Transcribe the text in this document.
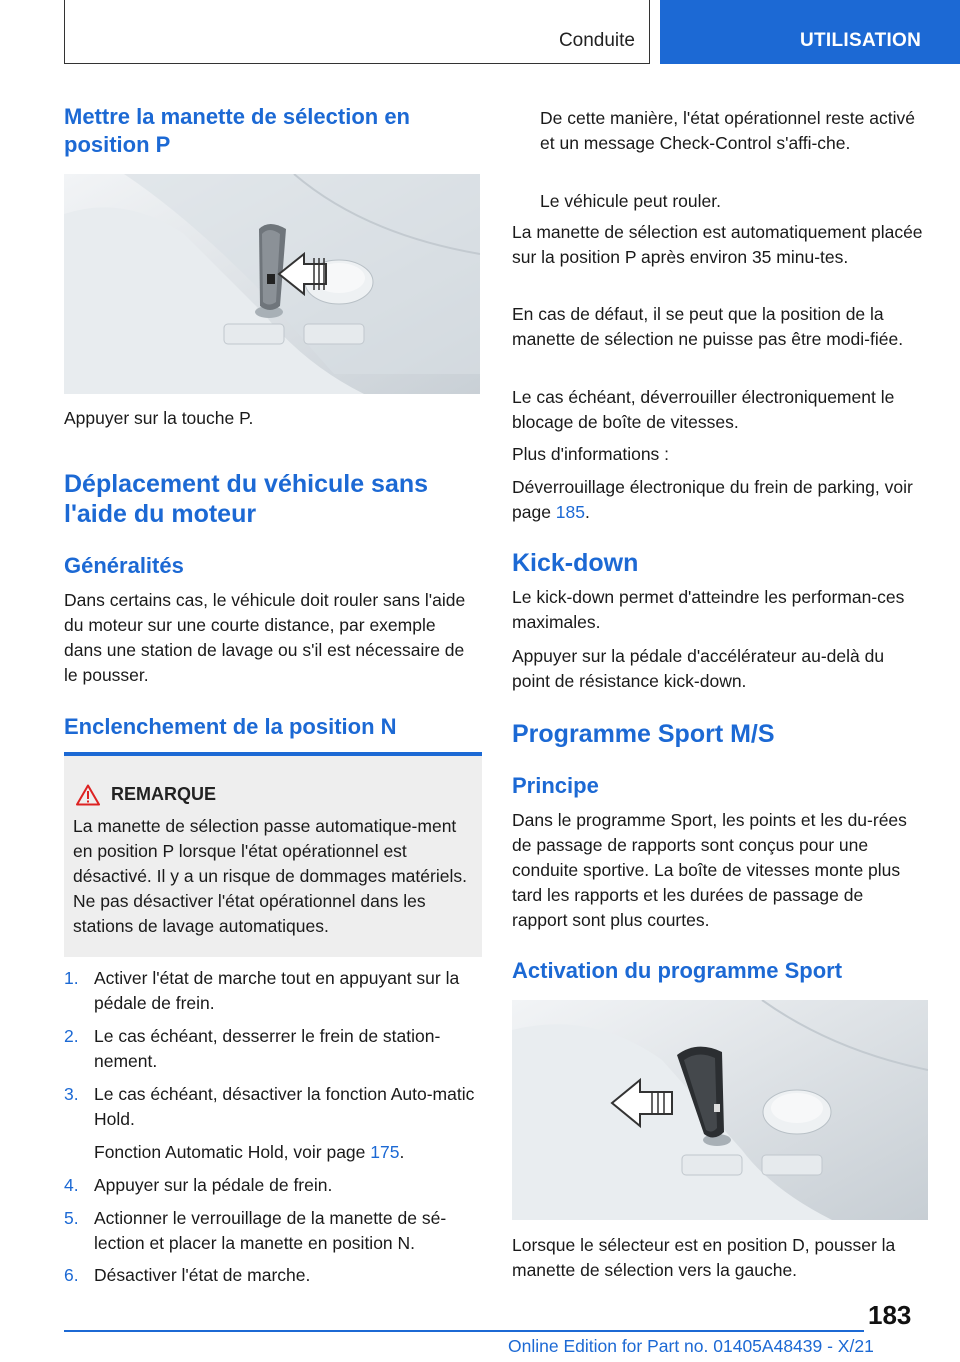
Conduite	UTILISATION
Mettre la manette de sélection en position P
Appuyer sur la touche P.
Déplacement du véhicule sans l'aide du moteur
Généralités
Dans certains cas, le véhicule doit rouler sans l'aide du moteur sur une courte distance, par exemple dans une station de lavage ou s'il est nécessaire de le pousser.
Enclenchement de la position N
REMARQUE
La manette de sélection passe automatique-ment en position P lorsque l'état opérationnel est désactivé. Il y a un risque de dommages matériels. Ne pas désactiver l'état opérationnel dans les stations de lavage automatiques.
1. Activer l'état de marche tout en appuyant sur la pédale de frein.
2. Le cas échéant, desserrer le frein de station-nement.
3. Le cas échéant, désactiver la fonction Auto-matic Hold.
Fonction Automatic Hold, voir page 175.
4. Appuyer sur la pédale de frein.
5. Actionner le verrouillage de la manette de sé-lection et placer la manette en position N.
6. Désactiver l'état de marche.
De cette manière, l'état opérationnel reste activé et un message Check-Control s'affi-che.
Le véhicule peut rouler.
La manette de sélection est automatiquement placée sur la position P après environ 35 minu-tes.
En cas de défaut, il se peut que la position de la manette de sélection ne puisse pas être modi-fiée.
Le cas échéant, déverrouiller électroniquement le blocage de boîte de vitesses.
Plus d'informations :
Déverrouillage électronique du frein de parking, voir page 185.
Kick-down
Le kick-down permet d'atteindre les performan-ces maximales.
Appuyer sur la pédale d'accélérateur au-delà du point de résistance kick-down.
Programme Sport M/S
Principe
Dans le programme Sport, les points et les du-rées de passage de rapports sont conçus pour une conduite sportive. La boîte de vitesses monte plus tard les rapports et les durées de passage de rapport sont plus courtes.
Activation du programme Sport
Lorsque le sélecteur est en position D, pousser la manette de sélection vers la gauche.
183
Online Edition for Part no. 01405A48439 - X/21
